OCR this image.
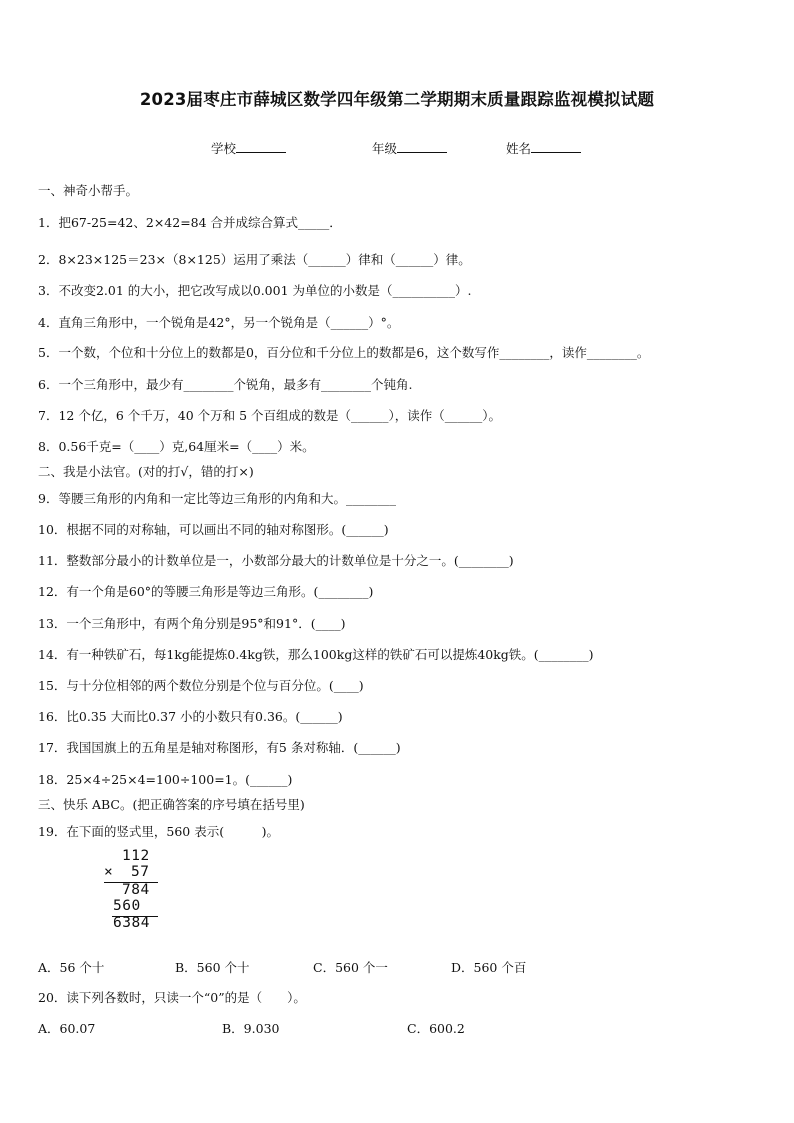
2023届枣庄市薛城区数学四年级第二学期期末质量跟踪监视模拟试题
学校	年级	姓名
一、神奇小帮手。
1．把67-25=42、2×42=84 合并成综合算式_____．
2．8×23×125＝23×（8×125）运用了乘法（______）律和（______）律。
3．不改变2.01 的大小，把它改写成以0.001 为单位的小数是（__________）.
4．直角三角形中，一个锐角是42°，另一个锐角是（______）°。
5．一个数，个位和十分位上的数都是0，百分位和千分位上的数都是6，这个数写作________，读作________。
6．一个三角形中，最少有________个锐角，最多有________个钝角.
7．12 个亿，6 个千万，40 个万和 5 个百组成的数是（______），读作（______）。
8．0.56千克=（____）克,64厘米=（____）米。
二、我是小法官。(对的打√，错的打×)
9．等腰三角形的内角和一定比等边三角形的内角和大。________
10．根据不同的对称轴，可以画出不同的轴对称图形。(______)
11．整数部分最小的计数单位是一，小数部分最大的计数单位是十分之一。(________)
12．有一个角是60°的等腰三角形是等边三角形。(________)
13．一个三角形中，有两个角分别是95°和91°．(____)
14．有一种铁矿石，每1kg能提炼0.4kg铁，那么100kg这样的铁矿石可以提炼40kg铁。(________)
15．与十分位相邻的两个数位分别是个位与百分位。(____)
16．比0.35 大而比0.37 小的小数只有0.36。(______)
17．我国国旗上的五角星是轴对称图形，有5 条对称轴．(______)
18．25×4÷25×4=100÷100=1。(______)
三、快乐 ABC。(把正确答案的序号填在括号里)
19．在下面的竖式里，560 表示(　　　)。
112
× 57
784
560
6384
A．56 个十	B．560 个十	C．560 个一	D．560 个百
20．读下列各数时，只读一个“0”的是（　　）。
A．60.07	B．9.030	C．600.2
